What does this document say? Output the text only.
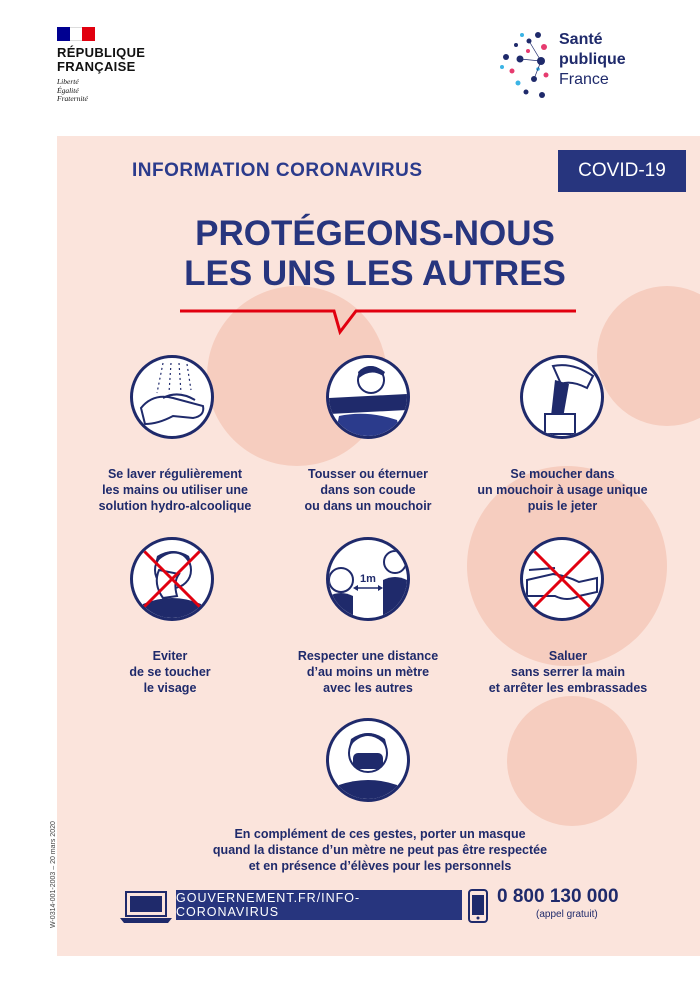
RÉPUBLIQUE
FRANÇAISE
Liberté
Égalité
Fraternité
Santé
publique
France
INFORMATION CORONAVIRUS	COVID-19
PROTÉGEONS-NOUS
LES UNS LES AUTRES
Se laver régulièrement
les mains ou utiliser une
solution hydro-alcoolique
Tousser ou éternuer
dans son coude
ou dans un mouchoir
Se moucher dans
un mouchoir à usage unique
puis le jeter
Eviter
de se toucher
le visage
1m
Respecter une distance
d’au moins un mètre
avec les autres
Saluer
sans serrer la main
et arrêter les embrassades
En complément de ces gestes, porter un masque
quand la distance d’un mètre ne peut pas être respectée
et en présence d’élèves pour les personnels
GOUVERNEMENT.FR/INFO-CORONAVIRUS
0 800 130 000
(appel gratuit)
W-0314-001-2003 – 20 mars 2020
